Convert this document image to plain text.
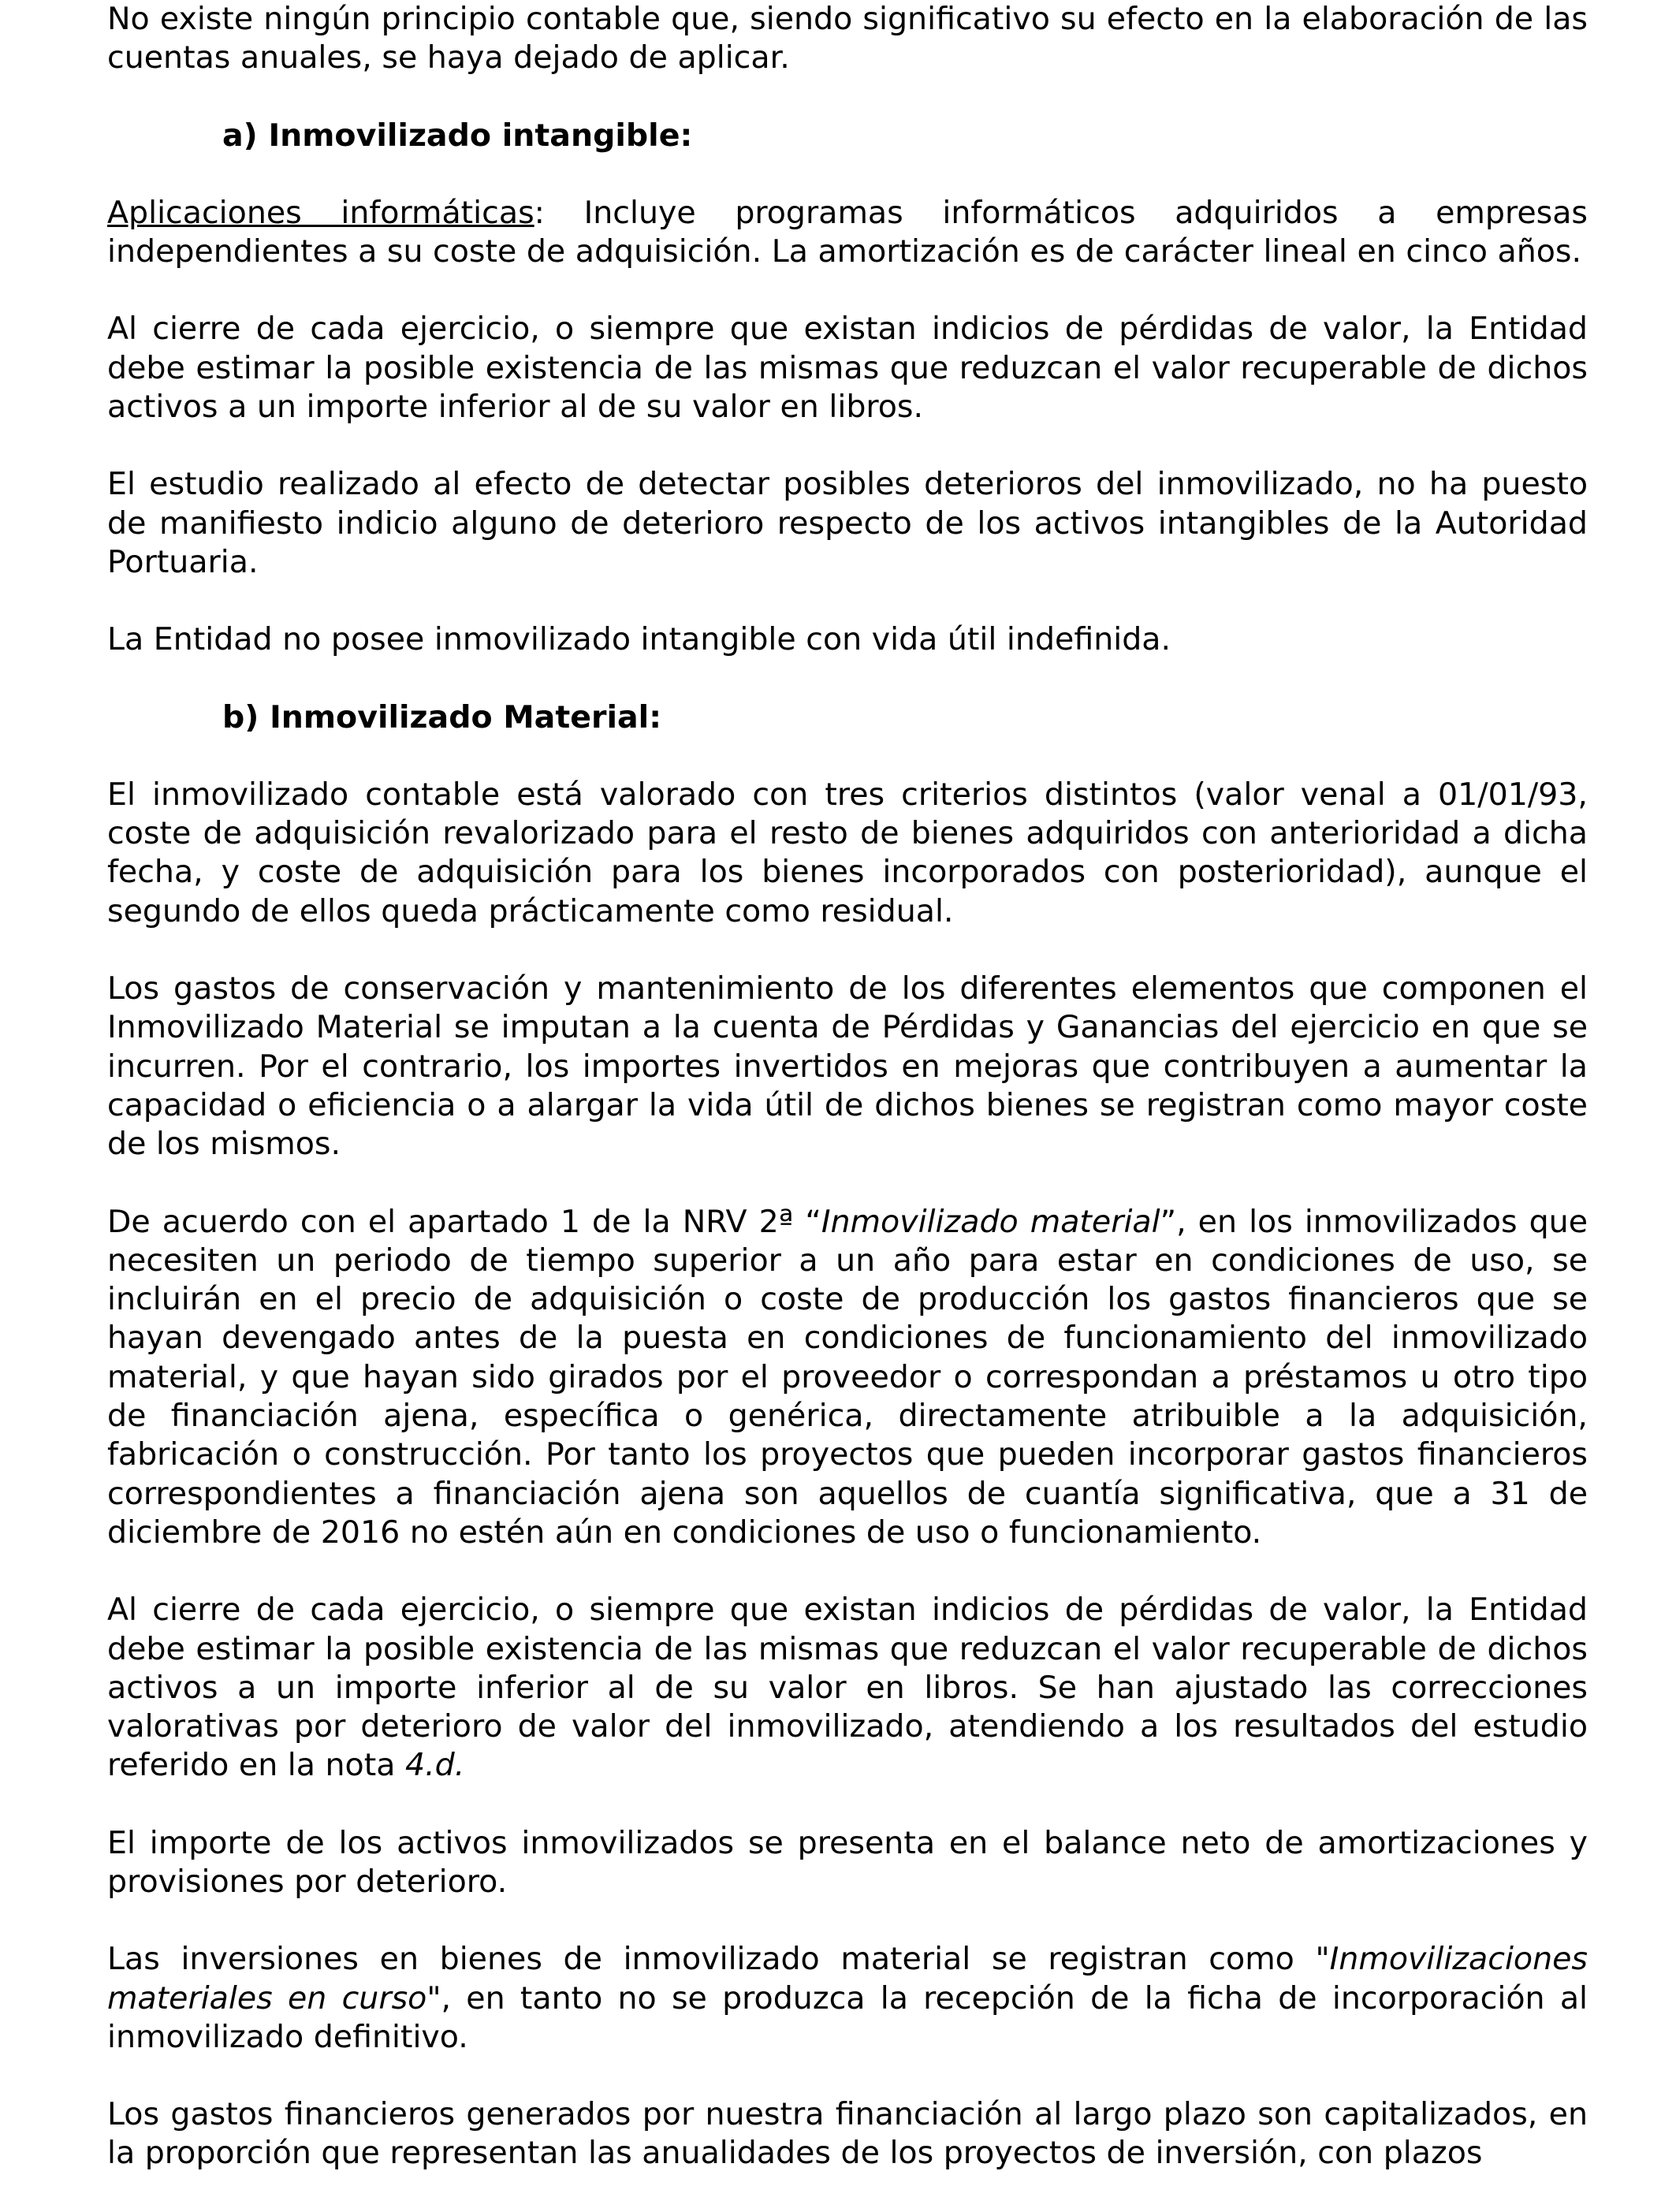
No existe ningún principio contable que, siendo significativo su efecto en la elaboración de las cuentas anuales, se haya dejado de aplicar.

a) Inmovilizado intangible:

Aplicaciones informáticas: Incluye programas informáticos adquiridos a empresas independientes a su coste de adquisición. La amortización es de carácter lineal en cinco años.

Al cierre de cada ejercicio, o siempre que existan indicios de pérdidas de valor, la Entidad debe estimar la posible existencia de las mismas que reduzcan el valor recuperable de dichos activos a un importe inferior al de su valor en libros.

El estudio realizado al efecto de detectar posibles deterioros del inmovilizado, no ha puesto de manifiesto indicio alguno de deterioro respecto de los activos intangibles de la Autoridad Portuaria.

La Entidad no posee inmovilizado intangible con vida útil indefinida.

b) Inmovilizado Material:

El inmovilizado contable está valorado con tres criterios distintos (valor venal a 01/01/93, coste de adquisición revalorizado para el resto de bienes adquiridos con anterioridad a dicha fecha, y coste de adquisición para los bienes incorporados con posterioridad), aunque el segundo de ellos queda prácticamente como residual.

Los gastos de conservación y mantenimiento de los diferentes elementos que componen el Inmovilizado Material se imputan a la cuenta de Pérdidas y Ganancias del ejercicio en que se incurren. Por el contrario, los importes invertidos en mejoras que contribuyen a aumentar la capacidad o eficiencia o a alargar la vida útil de dichos bienes se registran como mayor coste de los mismos.

De acuerdo con el apartado 1 de la NRV 2ª “Inmovilizado material”, en los inmovilizados que necesiten un periodo de tiempo superior a un año para estar en condiciones de uso, se incluirán en el precio de adquisición o coste de producción los gastos financieros que se hayan devengado antes de la puesta en condiciones de funcionamiento del inmovilizado material, y que hayan sido girados por el proveedor o correspondan a préstamos u otro tipo de financiación ajena, específica o genérica, directamente atribuible a la adquisición, fabricación o construcción. Por tanto los proyectos que pueden incorporar gastos financieros correspondientes a financiación ajena son aquellos de cuantía significativa, que a 31 de diciembre de 2016 no estén aún en condiciones de uso o funcionamiento.

Al cierre de cada ejercicio, o siempre que existan indicios de pérdidas de valor, la Entidad debe estimar la posible existencia de las mismas que reduzcan el valor recuperable de dichos activos a un importe inferior al de su valor en libros. Se han ajustado las correcciones valorativas por deterioro de valor del inmovilizado, atendiendo a los resultados del estudio referido en la nota 4.d.

El importe de los activos inmovilizados se presenta en el balance neto de amortizaciones y provisiones por deterioro.

Las inversiones en bienes de inmovilizado material se registran como "Inmovilizaciones materiales en curso", en tanto no se produzca la recepción de la ficha de incorporación al inmovilizado definitivo.

Los gastos financieros generados por nuestra financiación al largo plazo son capitalizados, en la proporción que representan las anualidades de los proyectos de inversión, con plazos
